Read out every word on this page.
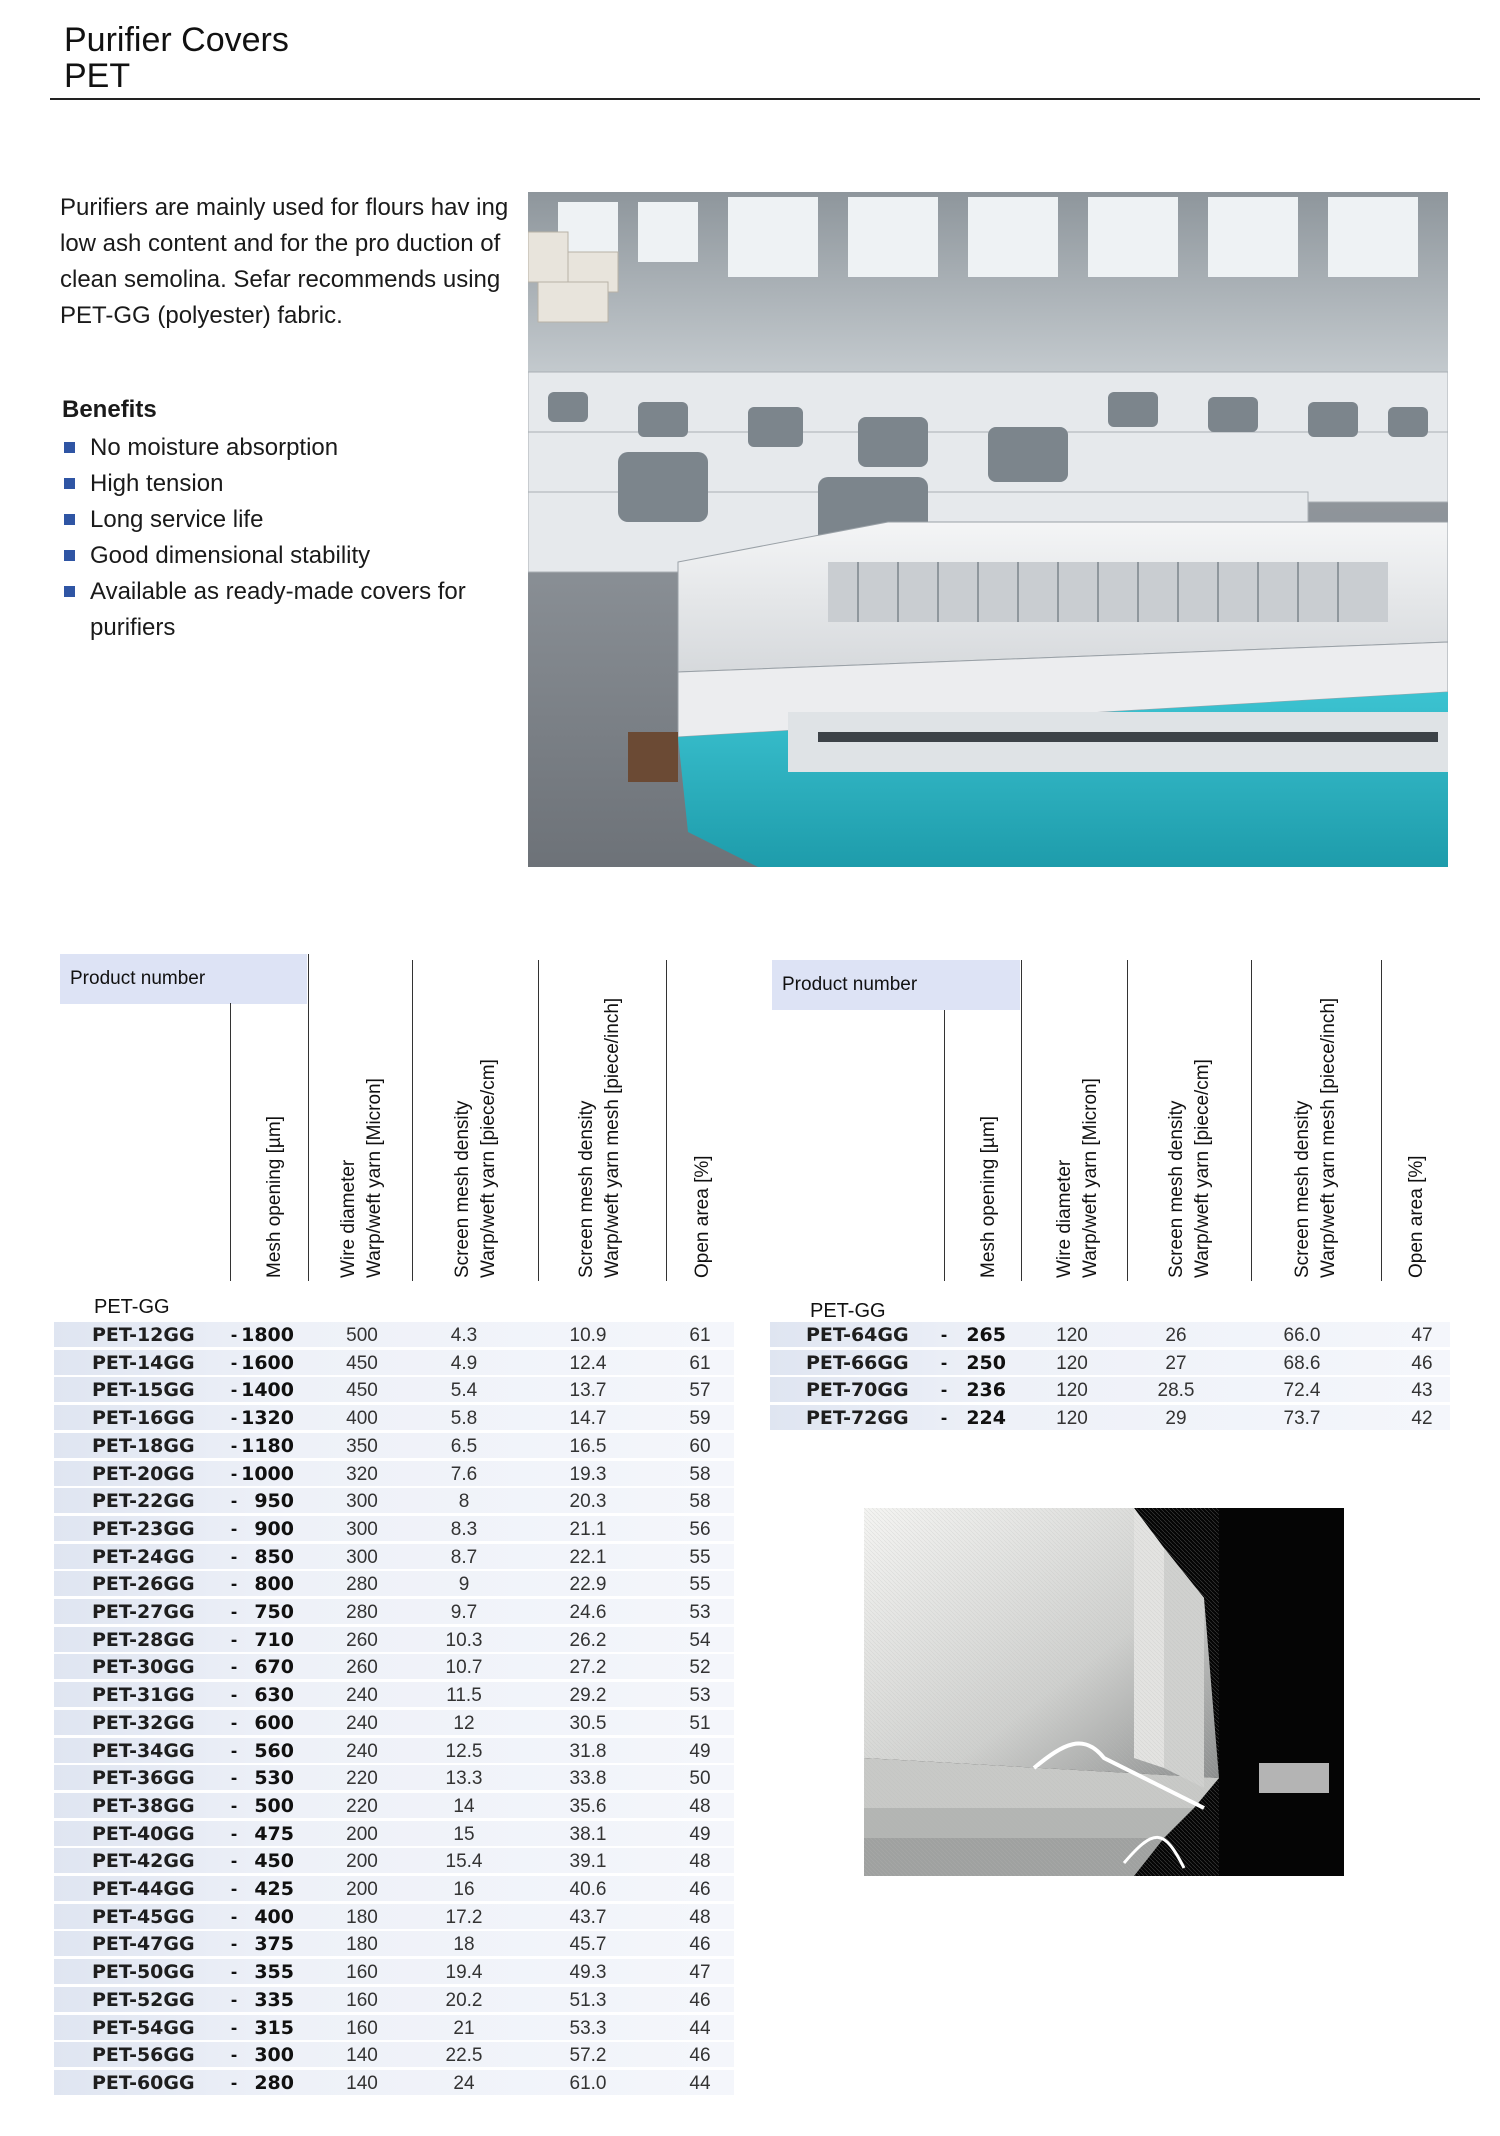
Purifier Covers
PET
Purifiers are mainly used for flours hav ing low ash content and for the pro duction of clean semolina. Sefar recommends using PET-GG (polyester) fabric.
Benefits
No moisture absorption
High tension
Long service life
Good dimensional stability
Available as ready-made covers for purifiers
Product number
Mesh opening [µm]	Wire diameter Warp/weft yarn [Micron]	Screen mesh density Warp/weft yarn [piece/cm]	Screen mesh density Warp/weft yarn mesh [piece/inch]	Open area [%]
PET-GG
PET-12GG	- 1800	500	4.3	10.9	61
PET-14GG	- 1600	450	4.9	12.4	61
PET-15GG	- 1400	450	5.4	13.7	57
PET-16GG	- 1320	400	5.8	14.7	59
PET-18GG	- 1180	350	6.5	16.5	60
PET-20GG	- 1000	320	7.6	19.3	58
PET-22GG	- 950	300	8	20.3	58
PET-23GG	- 900	300	8.3	21.1	56
PET-24GG	- 850	300	8.7	22.1	55
PET-26GG	- 800	280	9	22.9	55
PET-27GG	- 750	280	9.7	24.6	53
PET-28GG	- 710	260	10.3	26.2	54
PET-30GG	- 670	260	10.7	27.2	52
PET-31GG	- 630	240	11.5	29.2	53
PET-32GG	- 600	240	12	30.5	51
PET-34GG	- 560	240	12.5	31.8	49
PET-36GG	- 530	220	13.3	33.8	50
PET-38GG	- 500	220	14	35.6	48
PET-40GG	- 475	200	15	38.1	49
PET-42GG	- 450	200	15.4	39.1	48
PET-44GG	- 425	200	16	40.6	46
PET-45GG	- 400	180	17.2	43.7	48
PET-47GG	- 375	180	18	45.7	46
PET-50GG	- 355	160	19.4	49.3	47
PET-52GG	- 335	160	20.2	51.3	46
PET-54GG	- 315	160	21	53.3	44
PET-56GG	- 300	140	22.5	57.2	46
PET-60GG	- 280	140	24	61.0	44
Product number
Mesh opening [µm]	Wire diameter Warp/weft yarn [Micron]	Screen mesh density Warp/weft yarn [piece/cm]	Screen mesh density Warp/weft yarn mesh [piece/inch]	Open area [%]
PET-GG
PET-64GG	-	265	120	26	66.0	47
PET-66GG	-	250	120	27	68.6	46
PET-70GG	-	236	120	28.5	72.4	43
PET-72GG	-	224	120	29	73.7	42
